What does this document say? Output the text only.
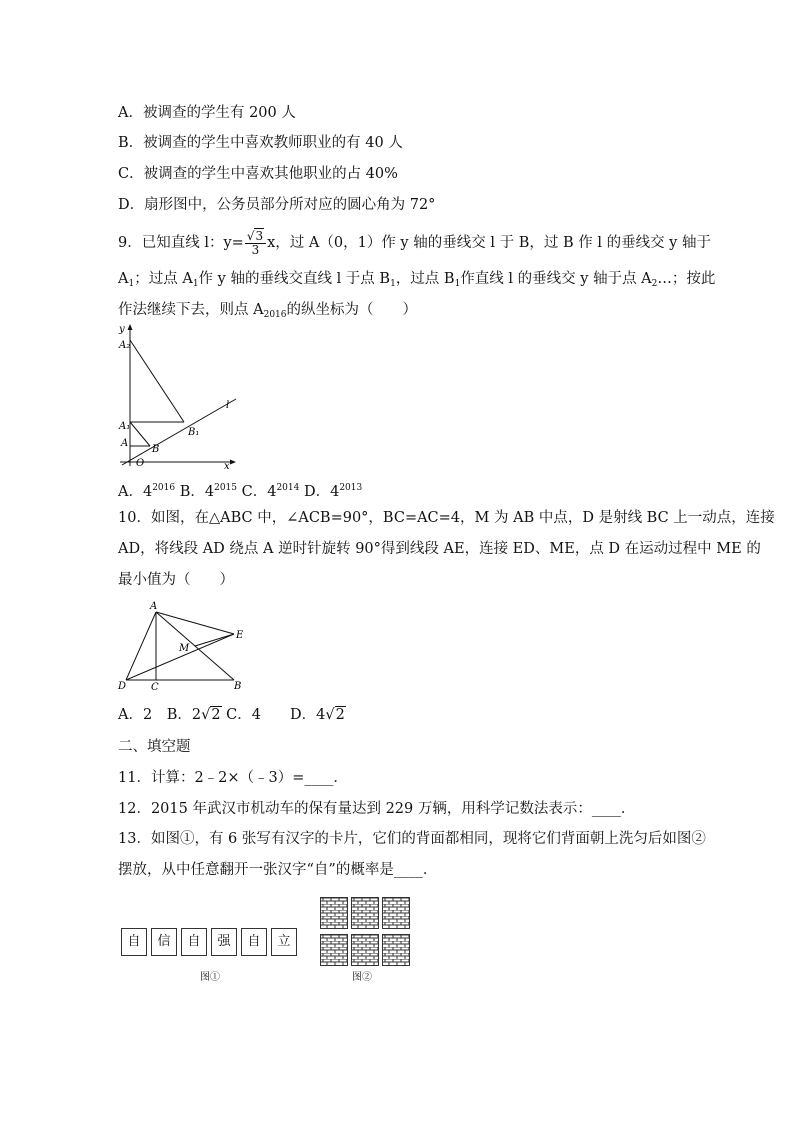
A．被调查的学生有 200 人
B．被调查的学生中喜欢教师职业的有 40 人
C．被调查的学生中喜欢其他职业的占 40%
D．扇形图中，公务员部分所对应的圆心角为 72°
9．已知直线 l：$y= \frac{√3}{3}$ x，过 A（0，1）作 y 轴的垂线交 l 于 B，过 B 作 l 的垂线交 y 轴于
$A_1$；过点 $A_1$作 y 轴的垂线交直线 l 于点 $B_1$，过点 $B_1$作直线 l 的垂线交 y 轴于点 $A_2\dots$；按此
作法继续下去，则点 $A_{2016}$的纵坐标为（　　）
y
A₂
A₁
A
O
B
B₁
l
x
A．$4^{2016}$ B．$4^{2015}$ C．$4^{2014}$ D．$4^{2013}$
10．如图，在△ABC 中，∠ACB=90°，BC=AC=4，M 为 AB 中点，D 是射线 BC 上一动点，连接
AD，将线段 AD 绕点 A 逆时针旋转 90°得到线段 AE，连接 ED、ME，点 D 在运动过程中 ME 的
最小值为（　　）
A
E
M
D C	B
A．2　B．2√2 C．4　　D．4√2
二、填空题
11．计算：2﹣2×（﹣3）=____．
12．2015 年武汉市机动车的保有量达到 229 万辆，用科学记数法表示：____．
13．如图①，有 6 张写有汉字的卡片，它们的背面都相同，现将它们背面朝上洗匀后如图②
摆放，从中任意翻开一张汉字“自”的概率是____．
自	信	自	强	自	立
图①	图②
